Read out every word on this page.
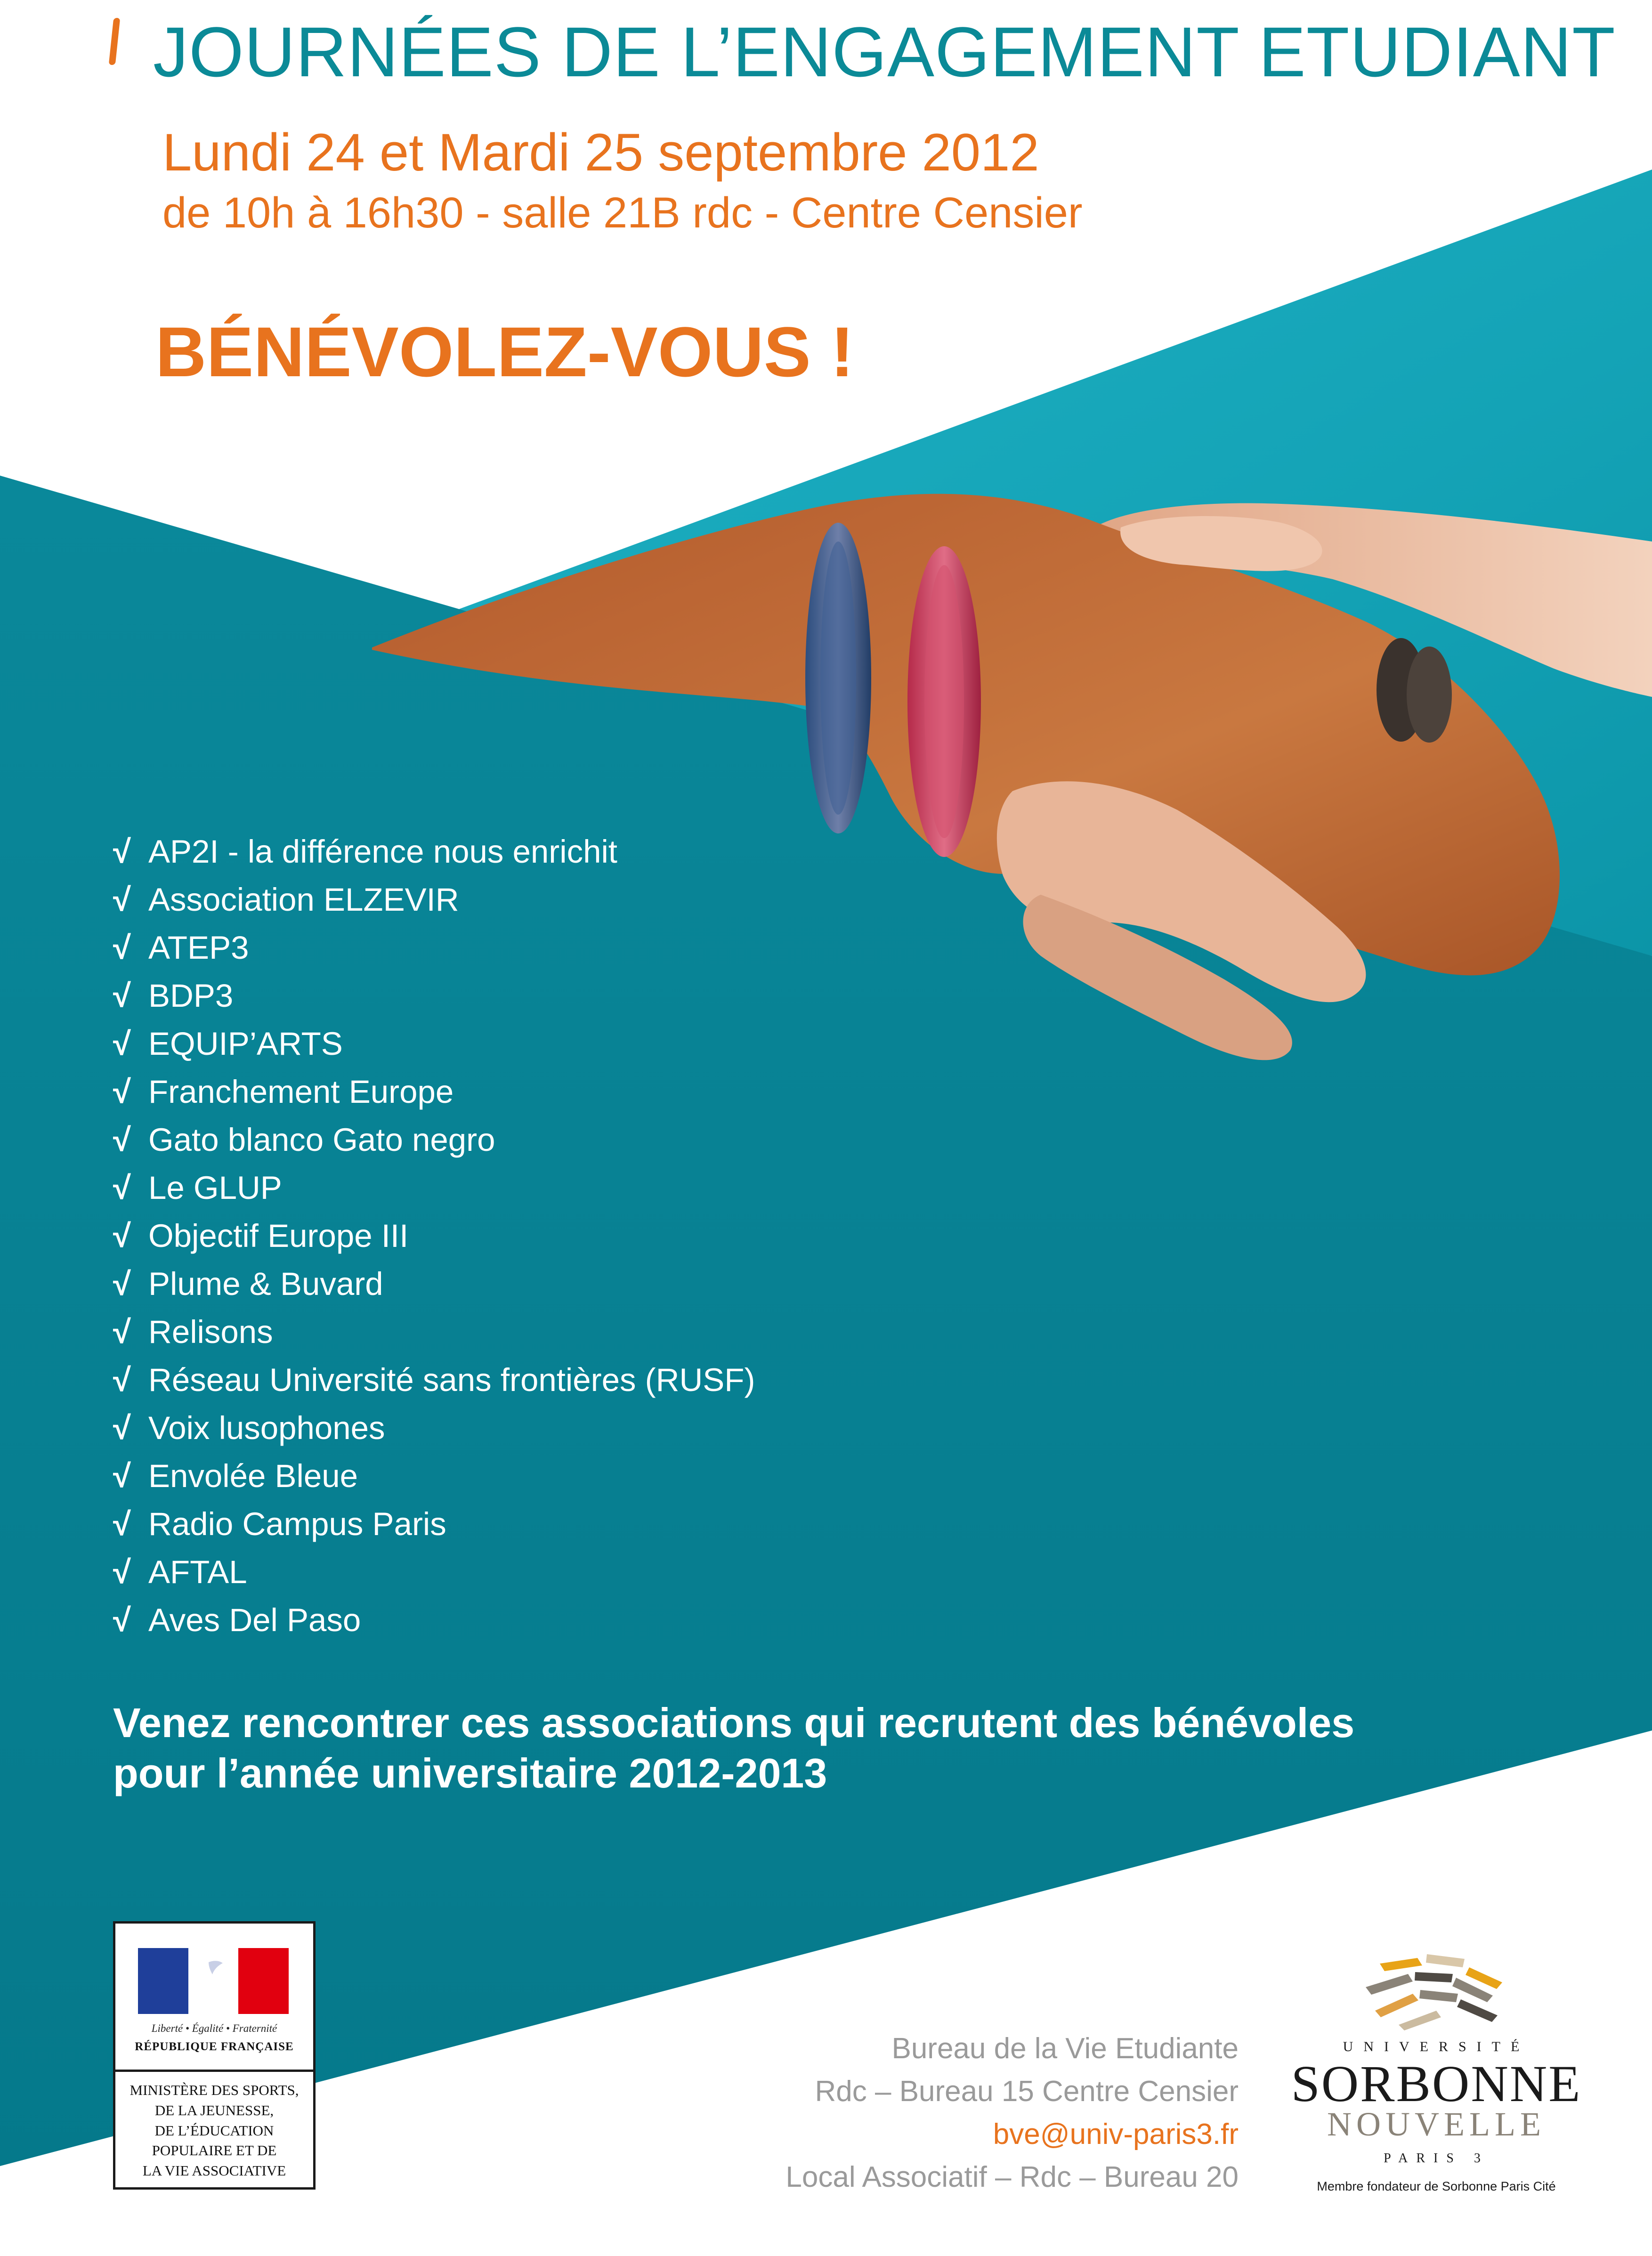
JOURNÉES DE L’ENGAGEMENT ETUDIANT
Lundi 24 et Mardi 25 septembre 2012
de 10h à 16h30 - salle 21B rdc - Centre Censier
BÉNÉVOLEZ-VOUS !
√ AP2I - la différence nous enrichit
√ Association ELZEVIR
√ ATEP3
√ BDP3
√ EQUIP’ARTS
√ Franchement Europe
√ Gato blanco Gato negro
√ Le GLUP
√ Objectif Europe III
√ Plume & Buvard
√ Relisons
√ Réseau Université sans frontières (RUSF)
√ Voix lusophones
√ Envolée Bleue
√ Radio Campus Paris
√ AFTAL
√ Aves Del Paso
Venez rencontrer ces associations qui recrutent des bénévoles
pour l’année universitaire 2012-2013
Liberté • Égalité • Fraternité
RÉPUBLIQUE FRANÇAISE
MINISTÈRE DES SPORTS,
DE LA JEUNESSE,
DE L’ÉDUCATION
POPULAIRE ET DE
LA VIE ASSOCIATIVE
Bureau de la Vie Etudiante
Rdc – Bureau 15 Centre Censier
bve@univ-paris3.fr
Local Associatif – Rdc – Bureau 20
UNIVERSITÉ
SORBONNE
NOUVELLE
PARIS 3
Membre fondateur de Sorbonne Paris Cité
